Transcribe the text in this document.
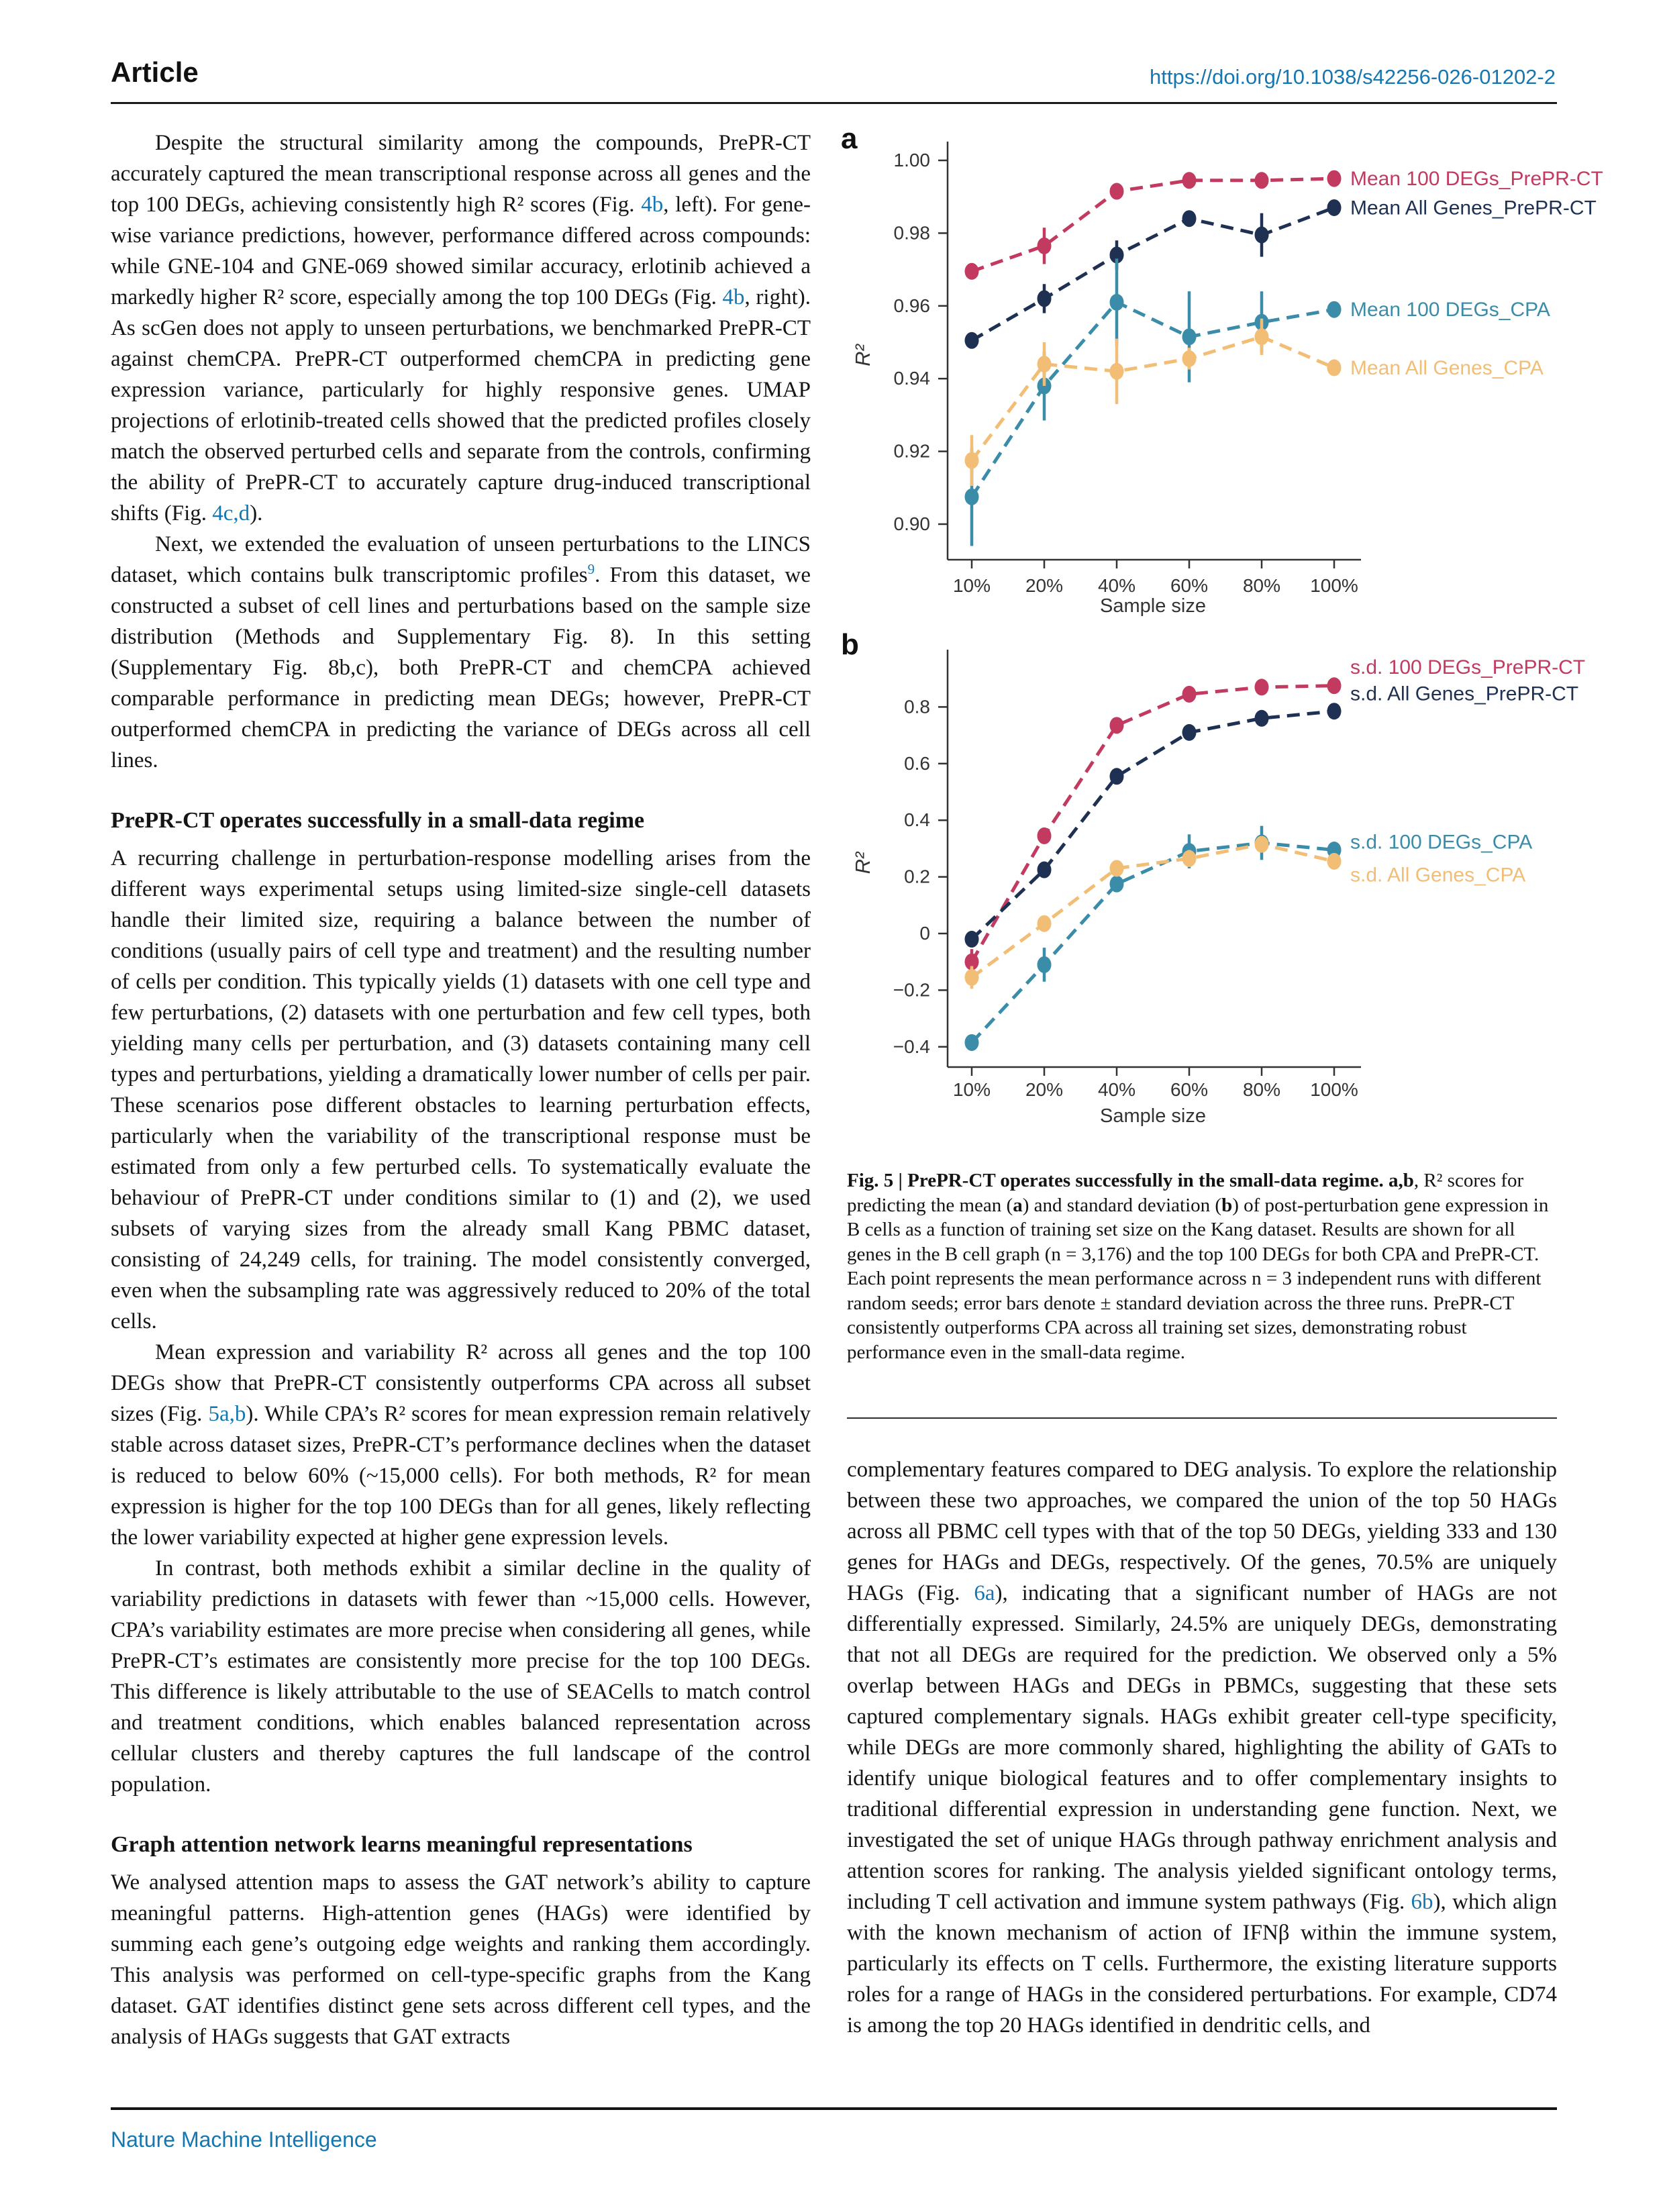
Article	https://doi.org/10.1038/s42256-026-01202-2

Despite the structural similarity among the compounds, PrePR-CT accurately captured the mean transcriptional response across all genes and the top 100 DEGs, achieving consistently high R² scores (Fig. 4b, left). For gene-wise variance predictions, however, performance differed across compounds: while GNE-104 and GNE-069 showed similar accuracy, erlotinib achieved a markedly higher R² score, especially among the top 100 DEGs (Fig. 4b, right). As scGen does not apply to unseen perturbations, we benchmarked PrePR-CT against chemCPA. PrePR-CT outperformed chemCPA in predicting gene expression variance, particularly for highly responsive genes. UMAP projections of erlotinib-treated cells showed that the predicted profiles closely match the observed perturbed cells and separate from the controls, confirming the ability of PrePR-CT to accurately capture drug-induced transcriptional shifts (Fig. 4c,d).

Next, we extended the evaluation of unseen perturbations to the LINCS dataset, which contains bulk transcriptomic profiles$^9$. From this dataset, we constructed a subset of cell lines and perturbations based on the sample size distribution (Methods and Supplementary Fig. 8). In this setting (Supplementary Fig. 8b,c), both PrePR-CT and chemCPA achieved comparable performance in predicting mean DEGs; however, PrePR-CT outperformed chemCPA in predicting the variance of DEGs across all cell lines.

PrePR-CT operates successfully in a small-data regime

A recurring challenge in perturbation-response modelling arises from the different ways experimental setups using limited-size single-cell datasets handle their limited size, requiring a balance between the number of conditions (usually pairs of cell type and treatment) and the resulting number of cells per condition. This typically yields (1) datasets with one cell type and few perturbations, (2) datasets with one perturbation and few cell types, both yielding many cells per perturbation, and (3) datasets containing many cell types and perturbations, yielding a dramatically lower number of cells per pair. These scenarios pose different obstacles to learning perturbation effects, particularly when the variability of the transcriptional response must be estimated from only a few perturbed cells. To systematically evaluate the behaviour of PrePR-CT under conditions similar to (1) and (2), we used subsets of varying sizes from the already small Kang PBMC dataset, consisting of 24,249 cells, for training. The model consistently converged, even when the subsampling rate was aggressively reduced to 20% of the total cells.

Mean expression and variability R² across all genes and the top 100 DEGs show that PrePR-CT consistently outperforms CPA across all subset sizes (Fig. 5a,b). While CPA’s R² scores for mean expression remain relatively stable across dataset sizes, PrePR-CT’s performance declines when the dataset is reduced to below 60% (~15,000 cells). For both methods, R² for mean expression is higher for the top 100 DEGs than for all genes, likely reflecting the lower variability expected at higher gene expression levels.

In contrast, both methods exhibit a similar decline in the quality of variability predictions in datasets with fewer than ~15,000 cells. However, CPA’s variability estimates are more precise when considering all genes, while PrePR-CT’s estimates are consistently more precise for the top 100 DEGs. This difference is likely attributable to the use of SEACells to match control and treatment conditions, which enables balanced representation across cellular clusters and thereby captures the full landscape of the control population.

Graph attention network learns meaningful representations

We analysed attention maps to assess the GAT network’s ability to capture meaningful patterns. High-attention genes (HAGs) were identified by summing each gene’s outgoing edge weights and ranking them accordingly. This analysis was performed on cell-type-specific graphs from the Kang dataset. GAT identifies distinct gene sets across different cell types, and the analysis of HAGs suggests that GAT extracts

a
b
1.00
0.98
0.96
0.94
0.92
0.90
10% 20% 40% 60% 80% 100%
Sample size
R²
Mean 100 DEGs_PrePR-CT
Mean All Genes_PrePR-CT
Mean 100 DEGs_CPA
Mean All Genes_CPA
0.8
0.6
0.4
0.2
0
−0.2
−0.4
10% 20% 40% 60% 80% 100%
Sample size
R²
s.d. 100 DEGs_PrePR-CT
s.d. All Genes_PrePR-CT
s.d. 100 DEGs_CPA
s.d. All Genes_CPA

Fig. 5 | PrePR-CT operates successfully in the small-data regime. a,b, R² scores for predicting the mean (a) and standard deviation (b) of post-perturbation gene expression in B cells as a function of training set size on the Kang dataset. Results are shown for all genes in the B cell graph (n = 3,176) and the top 100 DEGs for both CPA and PrePR-CT. Each point represents the mean performance across n = 3 independent runs with different random seeds; error bars denote ± standard deviation across the three runs. PrePR-CT consistently outperforms CPA across all training set sizes, demonstrating robust performance even in the small-data regime.

complementary features compared to DEG analysis. To explore the relationship between these two approaches, we compared the union of the top 50 HAGs across all PBMC cell types with that of the top 50 DEGs, yielding 333 and 130 genes for HAGs and DEGs, respectively. Of the genes, 70.5% are uniquely HAGs (Fig. 6a), indicating that a significant number of HAGs are not differentially expressed. Similarly, 24.5% are uniquely DEGs, demonstrating that not all DEGs are required for the prediction. We observed only a 5% overlap between HAGs and DEGs in PBMCs, suggesting that these sets captured complementary signals. HAGs exhibit greater cell-type specificity, while DEGs are more commonly shared, highlighting the ability of GATs to identify unique biological features and to offer complementary insights to traditional differential expression in understanding gene function. Next, we investigated the set of unique HAGs through pathway enrichment analysis and attention scores for ranking. The analysis yielded significant ontology terms, including T cell activation and immune system pathways (Fig. 6b), which align with the known mechanism of action of IFNβ within the immune system, particularly its effects on T cells. Furthermore, the existing literature supports roles for a range of HAGs in the considered perturbations. For example, CD74 is among the top 20 HAGs identified in dendritic cells, and

Nature Machine Intelligence
